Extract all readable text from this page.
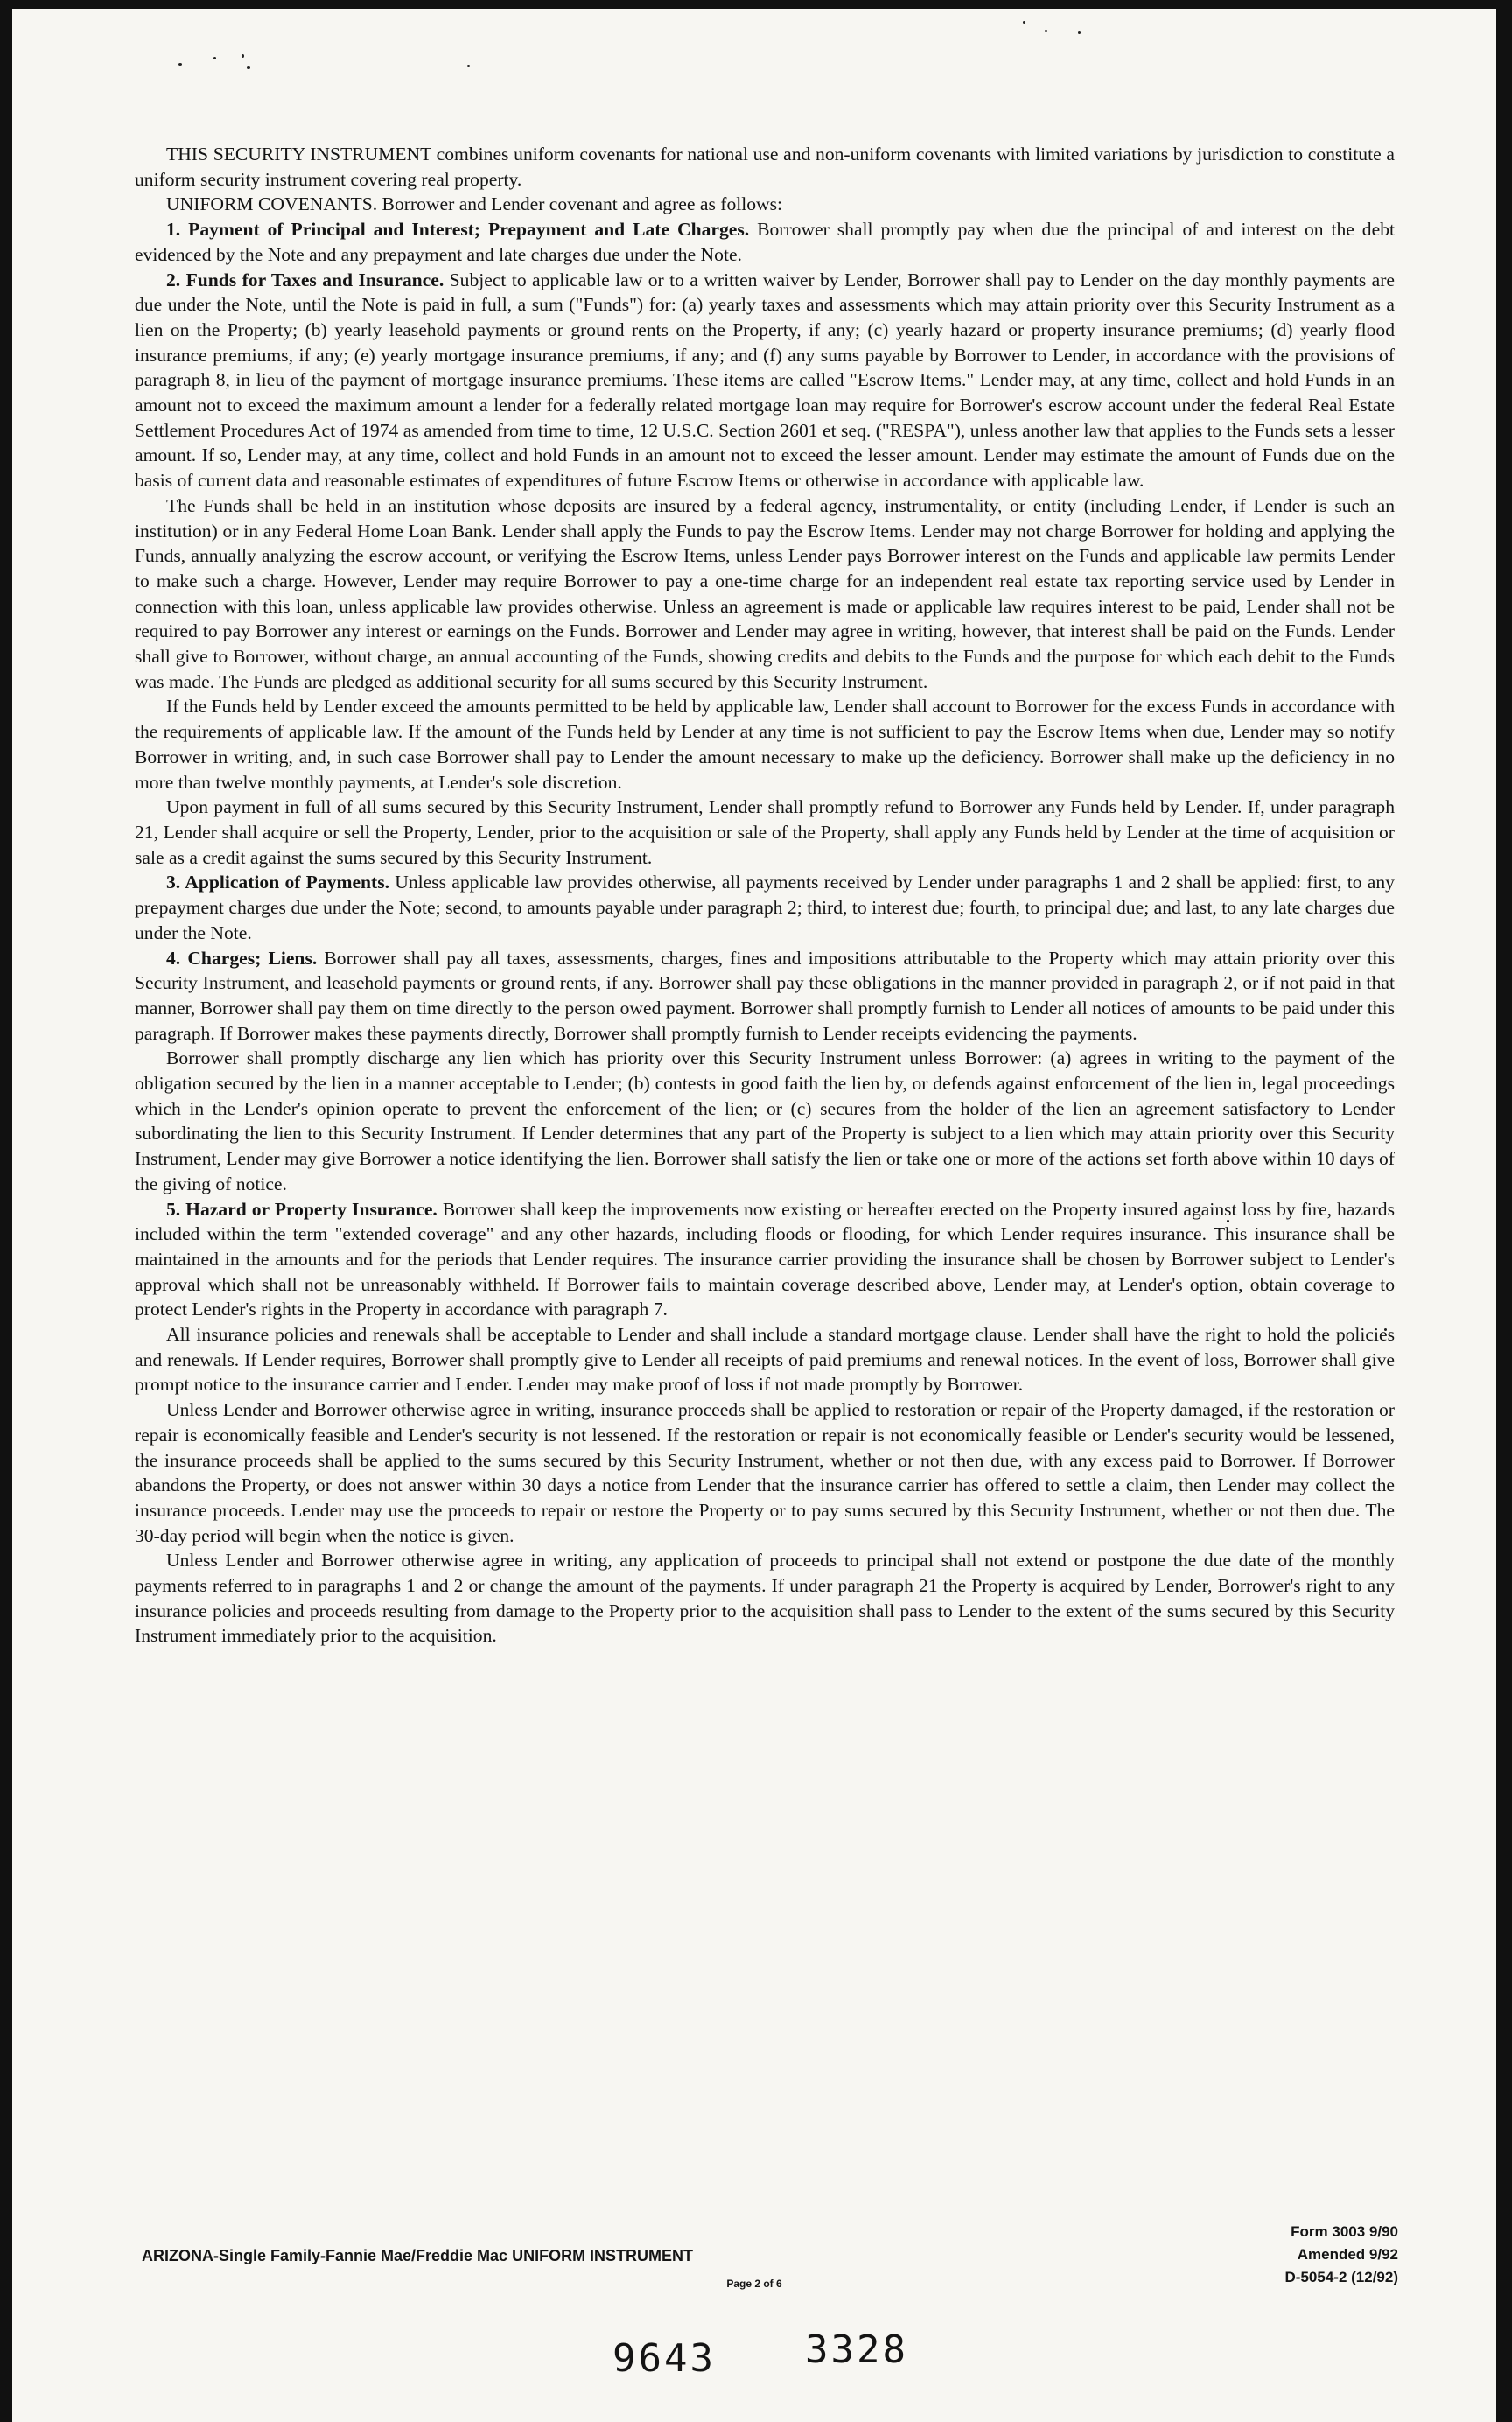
THIS SECURITY INSTRUMENT combines uniform covenants for national use and non-uniform covenants with limited variations by jurisdiction to constitute a uniform security instrument covering real property.

UNIFORM COVENANTS. Borrower and Lender covenant and agree as follows:

1. Payment of Principal and Interest; Prepayment and Late Charges. Borrower shall promptly pay when due the principal of and interest on the debt evidenced by the Note and any prepayment and late charges due under the Note.

2. Funds for Taxes and Insurance. Subject to applicable law or to a written waiver by Lender, Borrower shall pay to Lender on the day monthly payments are due under the Note, until the Note is paid in full, a sum ("Funds") for: (a) yearly taxes and assessments which may attain priority over this Security Instrument as a lien on the Property; (b) yearly leasehold payments or ground rents on the Property, if any; (c) yearly hazard or property insurance premiums; (d) yearly flood insurance premiums, if any; (e) yearly mortgage insurance premiums, if any; and (f) any sums payable by Borrower to Lender, in accordance with the provisions of paragraph 8, in lieu of the payment of mortgage insurance premiums. These items are called "Escrow Items." Lender may, at any time, collect and hold Funds in an amount not to exceed the maximum amount a lender for a federally related mortgage loan may require for Borrower's escrow account under the federal Real Estate Settlement Procedures Act of 1974 as amended from time to time, 12 U.S.C. Section 2601 et seq. ("RESPA"), unless another law that applies to the Funds sets a lesser amount. If so, Lender may, at any time, collect and hold Funds in an amount not to exceed the lesser amount. Lender may estimate the amount of Funds due on the basis of current data and reasonable estimates of expenditures of future Escrow Items or otherwise in accordance with applicable law.

The Funds shall be held in an institution whose deposits are insured by a federal agency, instrumentality, or entity (including Lender, if Lender is such an institution) or in any Federal Home Loan Bank. Lender shall apply the Funds to pay the Escrow Items. Lender may not charge Borrower for holding and applying the Funds, annually analyzing the escrow account, or verifying the Escrow Items, unless Lender pays Borrower interest on the Funds and applicable law permits Lender to make such a charge. However, Lender may require Borrower to pay a one-time charge for an independent real estate tax reporting service used by Lender in connection with this loan, unless applicable law provides otherwise. Unless an agreement is made or applicable law requires interest to be paid, Lender shall not be required to pay Borrower any interest or earnings on the Funds. Borrower and Lender may agree in writing, however, that interest shall be paid on the Funds. Lender shall give to Borrower, without charge, an annual accounting of the Funds, showing credits and debits to the Funds and the purpose for which each debit to the Funds was made. The Funds are pledged as additional security for all sums secured by this Security Instrument.

If the Funds held by Lender exceed the amounts permitted to be held by applicable law, Lender shall account to Borrower for the excess Funds in accordance with the requirements of applicable law. If the amount of the Funds held by Lender at any time is not sufficient to pay the Escrow Items when due, Lender may so notify Borrower in writing, and, in such case Borrower shall pay to Lender the amount necessary to make up the deficiency. Borrower shall make up the deficiency in no more than twelve monthly payments, at Lender's sole discretion.

Upon payment in full of all sums secured by this Security Instrument, Lender shall promptly refund to Borrower any Funds held by Lender. If, under paragraph 21, Lender shall acquire or sell the Property, Lender, prior to the acquisition or sale of the Property, shall apply any Funds held by Lender at the time of acquisition or sale as a credit against the sums secured by this Security Instrument.

3. Application of Payments. Unless applicable law provides otherwise, all payments received by Lender under paragraphs 1 and 2 shall be applied: first, to any prepayment charges due under the Note; second, to amounts payable under paragraph 2; third, to interest due; fourth, to principal due; and last, to any late charges due under the Note.

4. Charges; Liens. Borrower shall pay all taxes, assessments, charges, fines and impositions attributable to the Property which may attain priority over this Security Instrument, and leasehold payments or ground rents, if any. Borrower shall pay these obligations in the manner provided in paragraph 2, or if not paid in that manner, Borrower shall pay them on time directly to the person owed payment. Borrower shall promptly furnish to Lender all notices of amounts to be paid under this paragraph. If Borrower makes these payments directly, Borrower shall promptly furnish to Lender receipts evidencing the payments.

Borrower shall promptly discharge any lien which has priority over this Security Instrument unless Borrower: (a) agrees in writing to the payment of the obligation secured by the lien in a manner acceptable to Lender; (b) contests in good faith the lien by, or defends against enforcement of the lien in, legal proceedings which in the Lender's opinion operate to prevent the enforcement of the lien; or (c) secures from the holder of the lien an agreement satisfactory to Lender subordinating the lien to this Security Instrument. If Lender determines that any part of the Property is subject to a lien which may attain priority over this Security Instrument, Lender may give Borrower a notice identifying the lien. Borrower shall satisfy the lien or take one or more of the actions set forth above within 10 days of the giving of notice.

5. Hazard or Property Insurance. Borrower shall keep the improvements now existing or hereafter erected on the Property insured against loss by fire, hazards included within the term "extended coverage" and any other hazards, including floods or flooding, for which Lender requires insurance. This insurance shall be maintained in the amounts and for the periods that Lender requires. The insurance carrier providing the insurance shall be chosen by Borrower subject to Lender's approval which shall not be unreasonably withheld. If Borrower fails to maintain coverage described above, Lender may, at Lender's option, obtain coverage to protect Lender's rights in the Property in accordance with paragraph 7.

All insurance policies and renewals shall be acceptable to Lender and shall include a standard mortgage clause. Lender shall have the right to hold the policies and renewals. If Lender requires, Borrower shall promptly give to Lender all receipts of paid premiums and renewal notices. In the event of loss, Borrower shall give prompt notice to the insurance carrier and Lender. Lender may make proof of loss if not made promptly by Borrower.

Unless Lender and Borrower otherwise agree in writing, insurance proceeds shall be applied to restoration or repair of the Property damaged, if the restoration or repair is economically feasible and Lender's security is not lessened. If the restoration or repair is not economically feasible or Lender's security would be lessened, the insurance proceeds shall be applied to the sums secured by this Security Instrument, whether or not then due, with any excess paid to Borrower. If Borrower abandons the Property, or does not answer within 30 days a notice from Lender that the insurance carrier has offered to settle a claim, then Lender may collect the insurance proceeds. Lender may use the proceeds to repair or restore the Property or to pay sums secured by this Security Instrument, whether or not then due. The 30-day period will begin when the notice is given.

Unless Lender and Borrower otherwise agree in writing, any application of proceeds to principal shall not extend or postpone the due date of the monthly payments referred to in paragraphs 1 and 2 or change the amount of the payments. If under paragraph 21 the Property is acquired by Lender, Borrower's right to any insurance policies and proceeds resulting from damage to the Property prior to the acquisition shall pass to Lender to the extent of the sums secured by this Security Instrument immediately prior to the acquisition.

ARIZONA-Single Family-Fannie Mae/Freddie Mac UNIFORM INSTRUMENT
Form 3003 9/90
Amended 9/92
D-5054-2 (12/92)
Page 2 of 6
9643 3328
